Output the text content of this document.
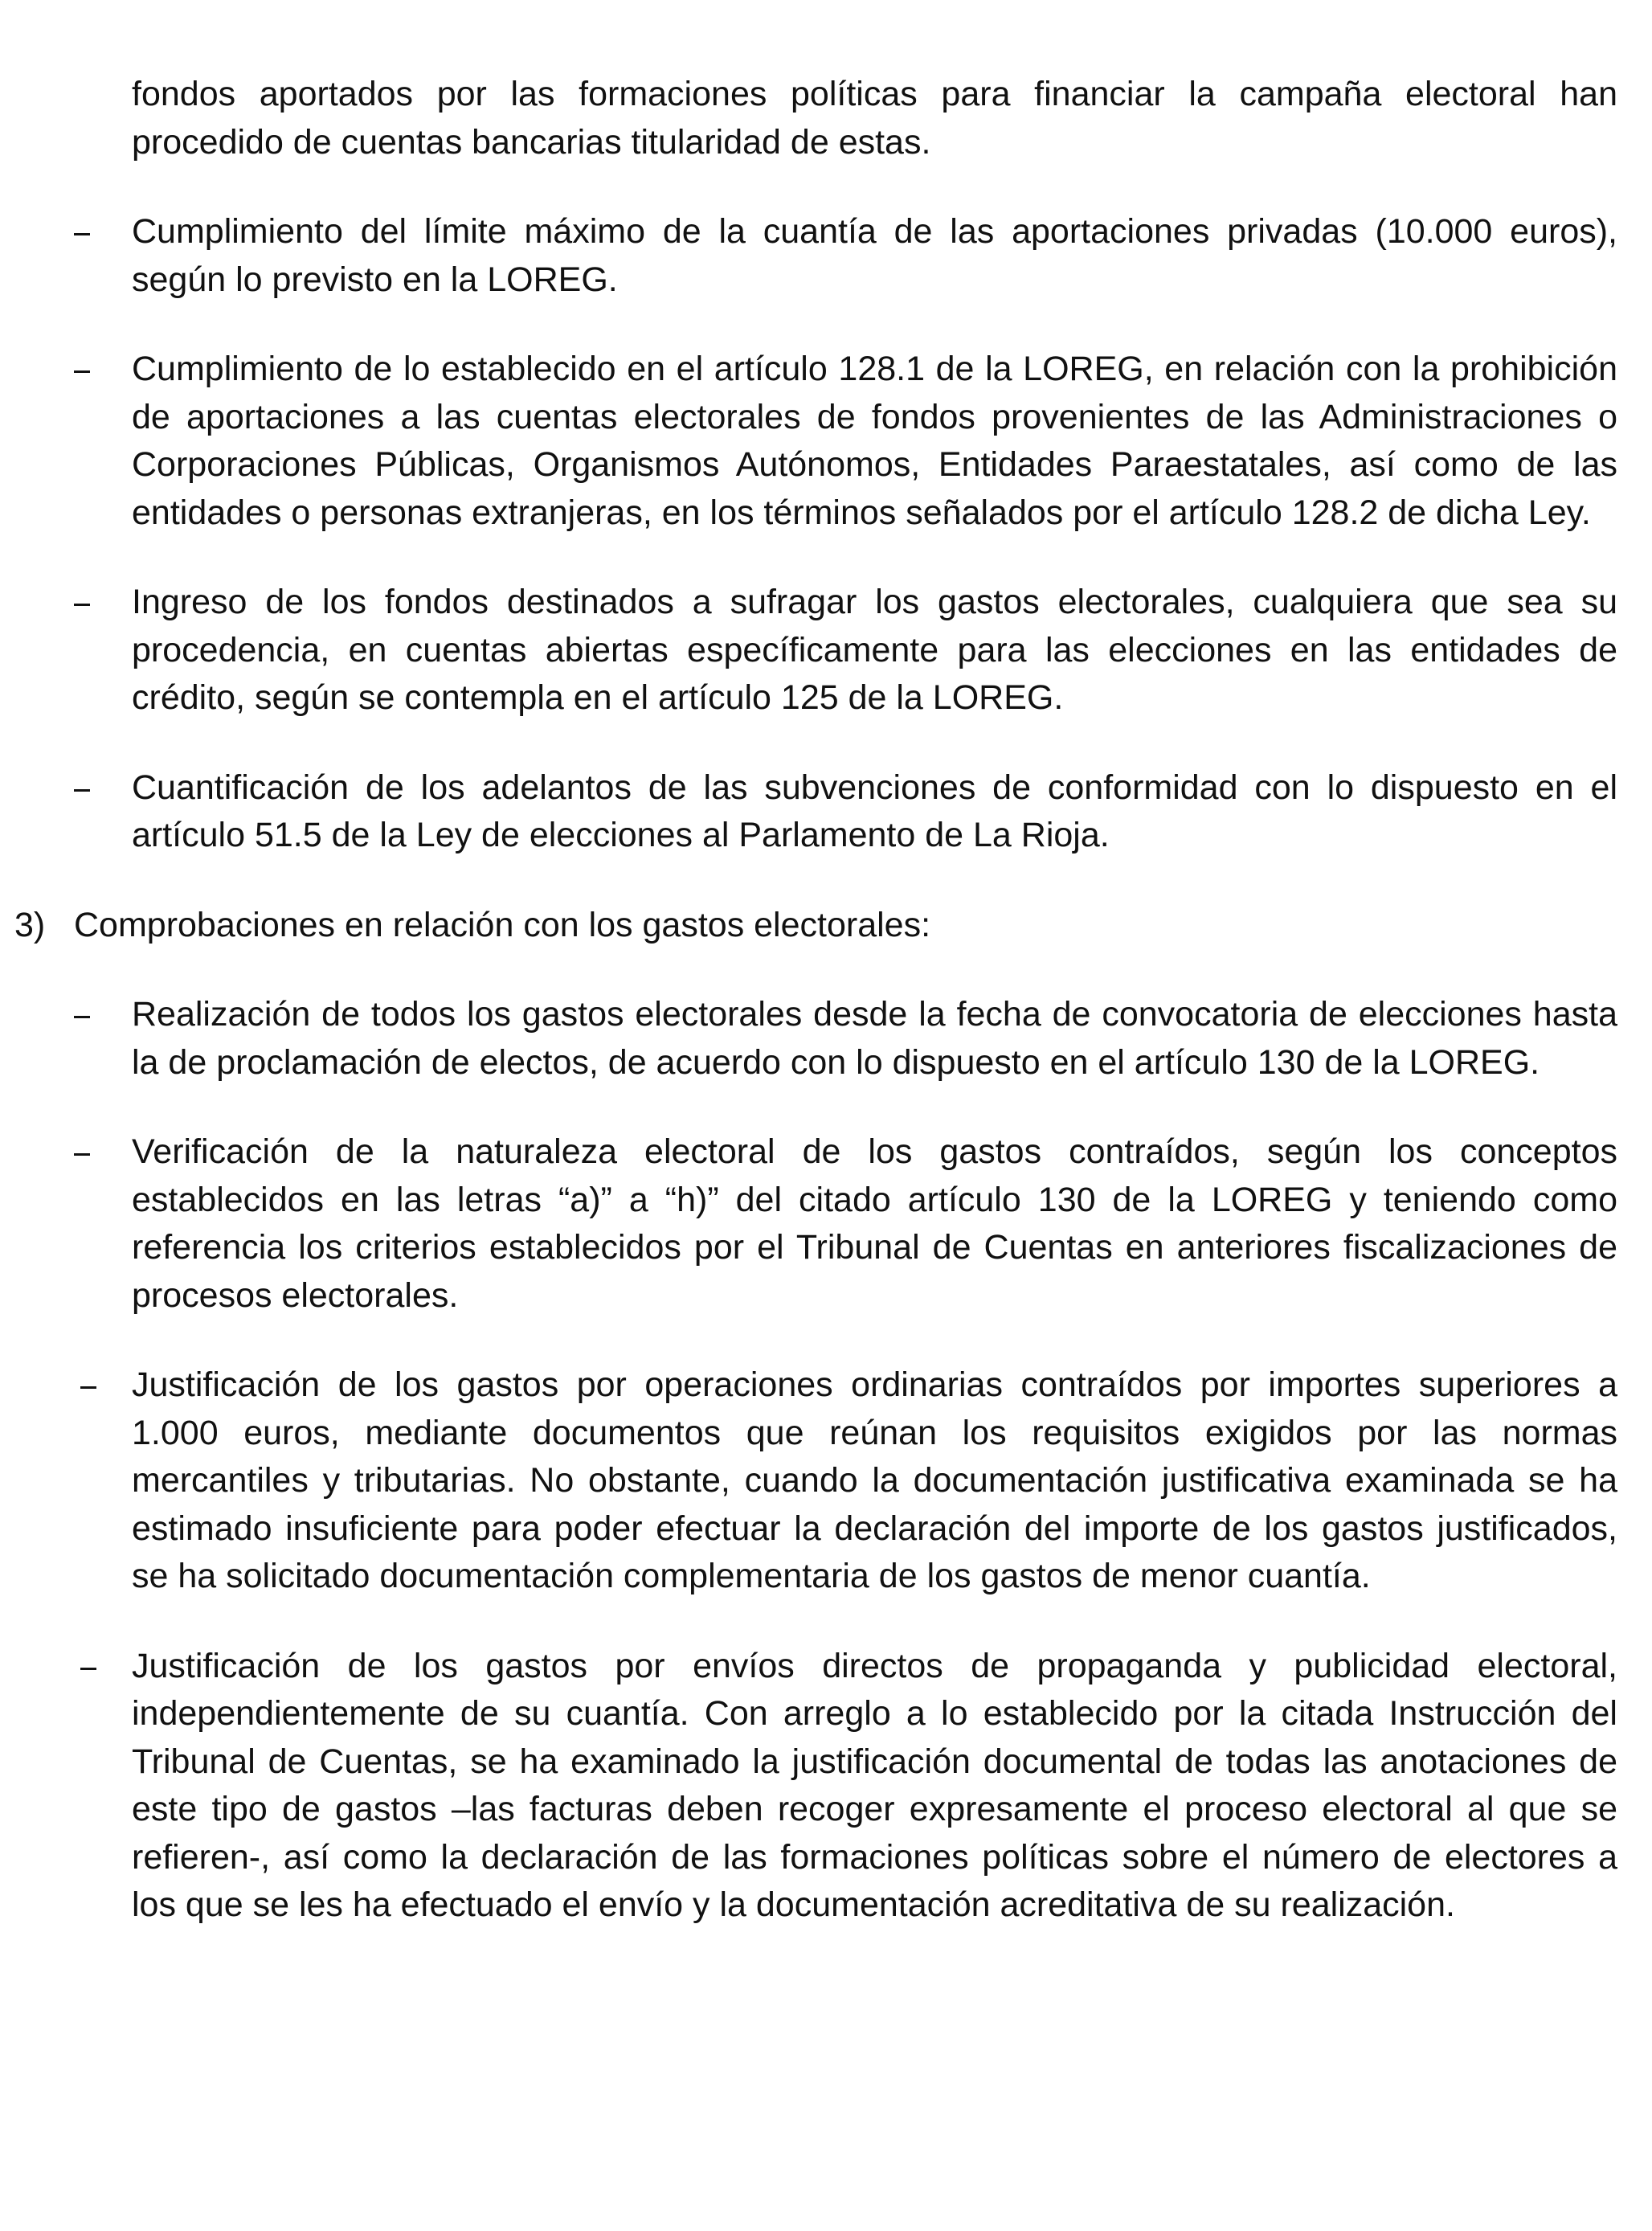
fondos aportados por las formaciones políticas para financiar la campaña electoral han procedido de cuentas bancarias titularidad de estas.

Cumplimiento del límite máximo de la cuantía de las aportaciones privadas (10.000 euros), según lo previsto en la LOREG.
Cumplimiento de lo establecido en el artículo 128.1 de la LOREG, en relación con la prohibición de aportaciones a las cuentas electorales de fondos provenientes de las Administraciones o Corporaciones Públicas, Organismos Autónomos, Entidades Paraestatales, así como de las entidades o personas extranjeras, en los términos señalados por el artículo 128.2 de dicha Ley.
Ingreso de los fondos destinados a sufragar los gastos electorales, cualquiera que sea su procedencia, en cuentas abiertas específicamente para las elecciones en las entidades de crédito, según se contempla en el artículo 125 de la LOREG.
Cuantificación de los adelantos de las subvenciones de conformidad con lo dispuesto en el artículo 51.5 de la Ley de elecciones al Parlamento de La Rioja.
3) Comprobaciones en relación con los gastos electorales:
Realización de todos los gastos electorales desde la fecha de convocatoria de elecciones hasta la de proclamación de electos, de acuerdo con lo dispuesto en el artículo 130 de la LOREG.
Verificación de la naturaleza electoral de los gastos contraídos, según los conceptos establecidos en las letras “a)” a “h)” del citado artículo 130 de la LOREG y teniendo como referencia los criterios establecidos por el Tribunal de Cuentas en anteriores fiscalizaciones de procesos electorales.
Justificación de los gastos por operaciones ordinarias contraídos por importes superiores a 1.000 euros, mediante documentos que reúnan los requisitos exigidos por las normas mercantiles y tributarias. No obstante, cuando la documentación justificativa examinada se ha estimado insuficiente para poder efectuar la declaración del importe de los gastos justificados, se ha solicitado documentación complementaria de los gastos de menor cuantía.
Justificación de los gastos por envíos directos de propaganda y publicidad electoral, independientemente de su cuantía. Con arreglo a lo establecido por la citada Instrucción del Tribunal de Cuentas, se ha examinado la justificación documental de todas las anotaciones de este tipo de gastos –las facturas deben recoger expresamente el proceso electoral al que se refieren-, así como la declaración de las formaciones políticas sobre el número de electores a los que se les ha efectuado el envío y la documentación acreditativa de su realización.
